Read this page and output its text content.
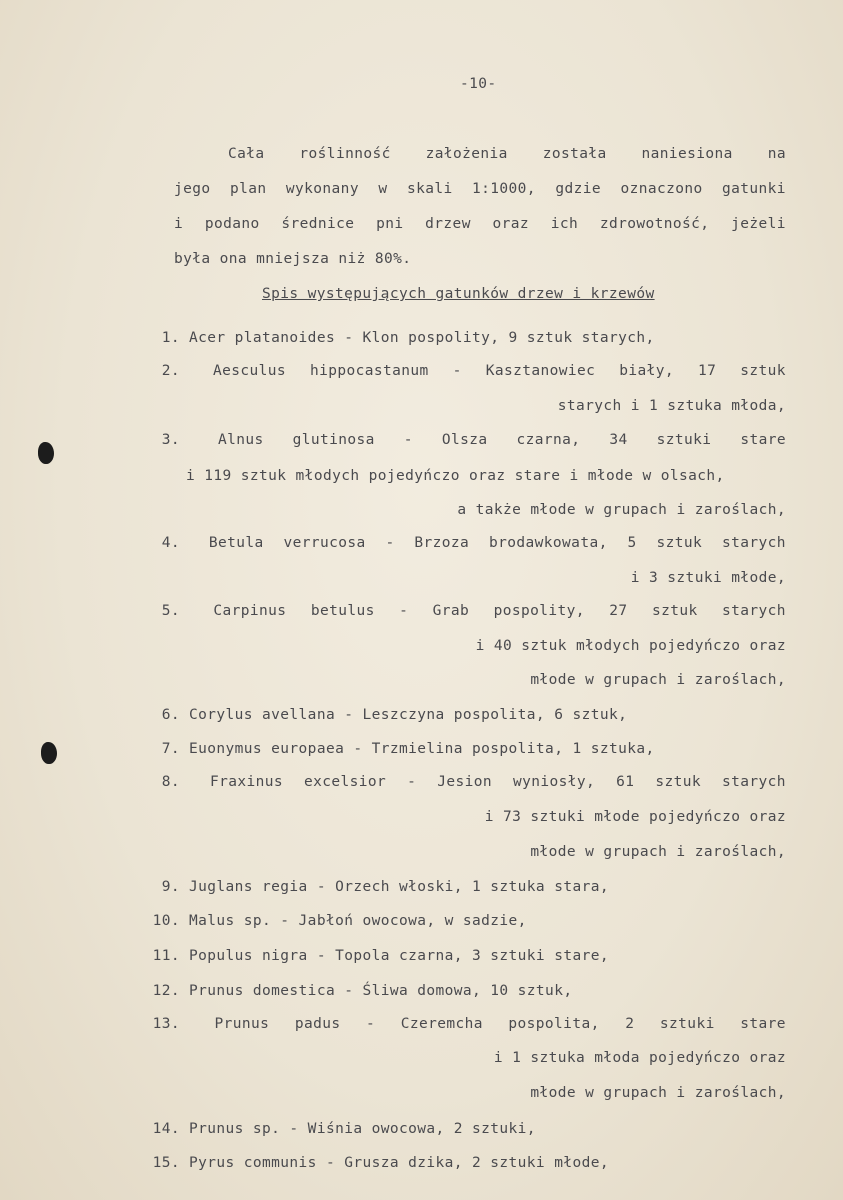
-10-
Cała roślinność założenia została naniesiona na
jego plan wykonany w skali 1:1000, gdzie oznaczono gatunki
i podano średnice pni drzew oraz ich zdrowotność, jeżeli
była ona mniejsza niż 80%.
Spis występujących gatunków drzew i krzewów
1. Acer platanoides - Klon pospolity, 9 sztuk starych,
2. Aesculus hippocastanum - Kasztanowiec biały, 17 sztuk
starych i 1 sztuka młoda,
3.	Alnus glutinosa - Olsza czarna, 34 sztuki stare
i 119 sztuk młodych pojedyńczo oraz stare i młode w olsach,
a także młode w grupach i zaroślach,
4. Betula verrucosa - Brzoza brodawkowata, 5 sztuk starych
i 3 sztuki młode,
5. Carpinus betulus - Grab pospolity, 27 sztuk starych
i 40 sztuk młodych pojedyńczo oraz
młode w grupach i zaroślach,
6. Corylus avellana - Leszczyna pospolita, 6 sztuk,
7. Euonymus europaea - Trzmielina pospolita, 1 sztuka,
8. Fraxinus excelsior - Jesion wyniosły, 61 sztuk starych
i 73 sztuki młode pojedyńczo oraz
młode w grupach i zaroślach,
9. Juglans regia - Orzech włoski, 1 sztuka stara,
10. Malus sp. - Jabłoń owocowa, w sadzie,
11. Populus nigra - Topola czarna, 3 sztuki stare,
12. Prunus domestica - Śliwa domowa, 10 sztuk,
13. Prunus padus - Czeremcha pospolita, 2 sztuki stare
i 1 sztuka młoda pojedyńczo oraz
młode w grupach i zaroślach,
14. Prunus sp. - Wiśnia owocowa, 2 sztuki,
15. Pyrus communis - Grusza dzika, 2 sztuki młode,
